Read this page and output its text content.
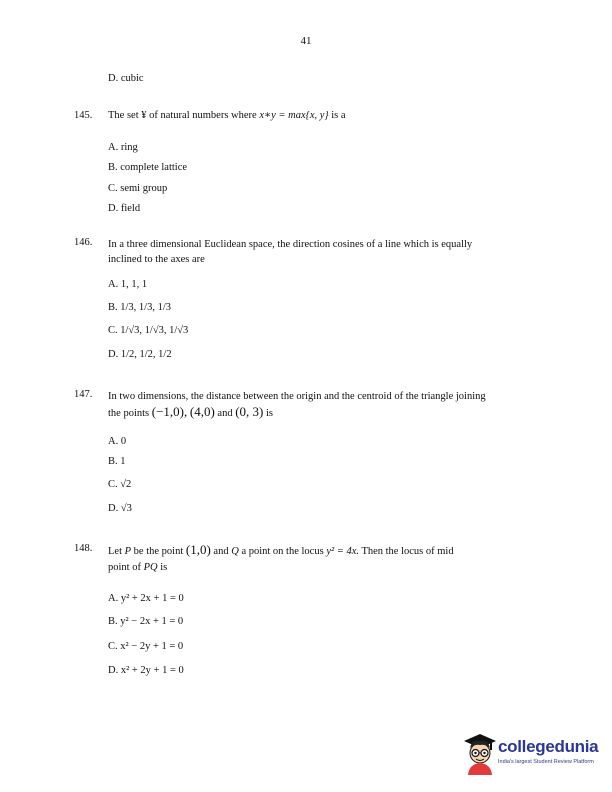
41
D. cubic
145. The set ¥ of natural numbers where x∗y = max{x, y} is a
A. ring
B. complete lattice
C. semi group
D. field
146. In a three dimensional Euclidean space, the direction cosines of a line which is equally
inclined to the axes are
A. 1, 1, 1
B. 1/3, 1/3, 1/3
C. 1/√3, 1/√3, 1/√3
D. 1/2, 1/2, 1/2
147. In two dimensions, the distance between the origin and the centroid of the triangle joining
the points (−1,0), (4,0) and (0, 3) is
A. 0
B. 1
C. √2
D. √3
148. Let P be the point (1,0) and Q a point on the locus y² = 4x. Then the locus of mid
point of PQ is
A. y² + 2x + 1 = 0
B. y² − 2x + 1 = 0
C. x² − 2y + 1 = 0
D. x² + 2y + 1 = 0
collegedunia
India's largest Student Review Platform
